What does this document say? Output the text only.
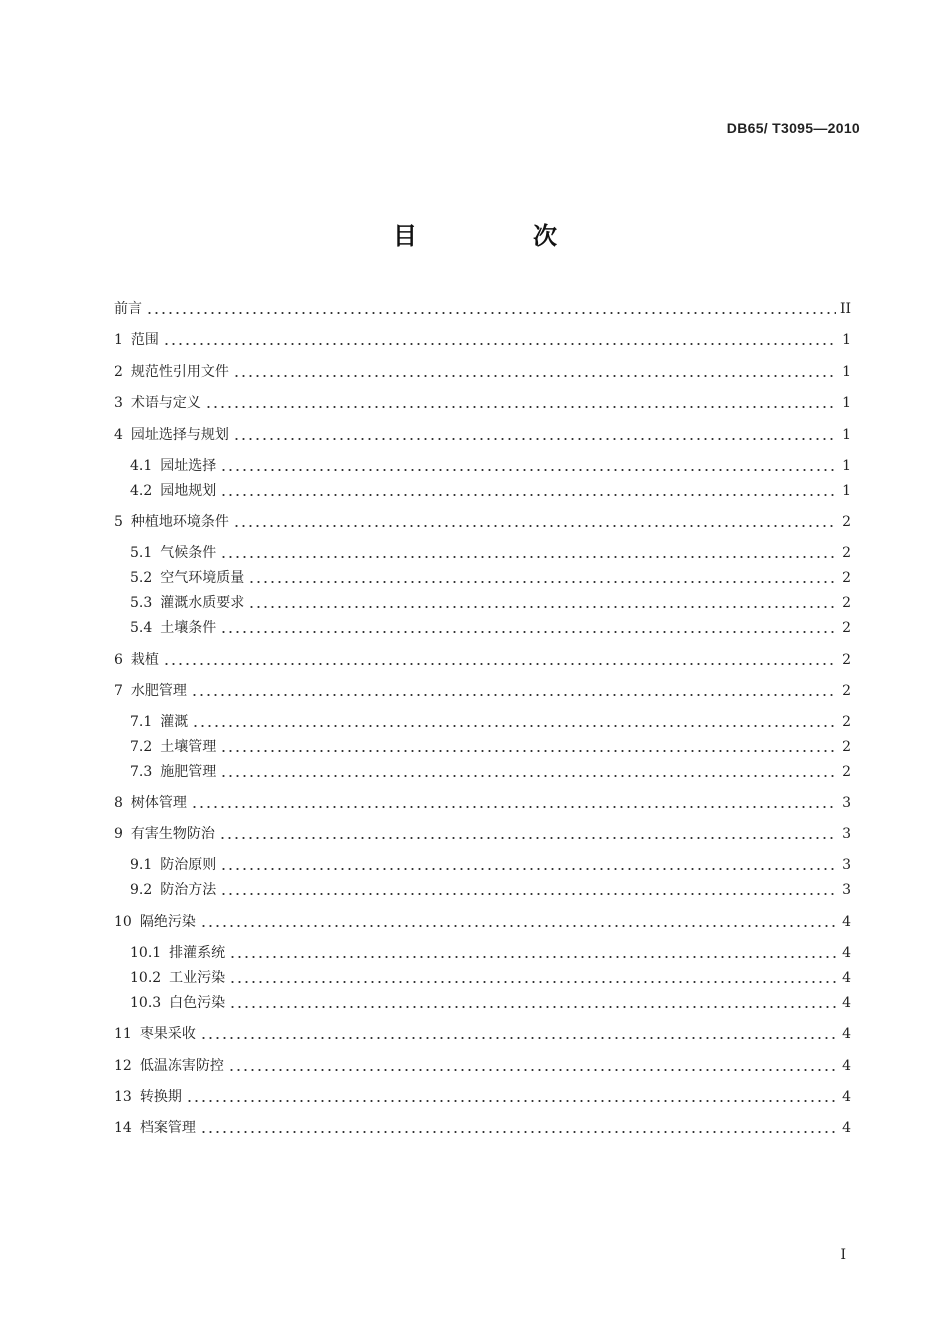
DB65/ T3095—2010
目　次
前言	II
1 范围	1
2 规范性引用文件	1
3 术语与定义	1
4 园址选择与规划	1
4.1 园址选择	1
4.2 园地规划	1
5 种植地环境条件	2
5.1 气候条件	2
5.2 空气环境质量	2
5.3 灌溉水质要求	2
5.4 土壤条件	2
6 栽植	2
7 水肥管理	2
7.1 灌溉	2
7.2 土壤管理	2
7.3 施肥管理	2
8 树体管理	3
9 有害生物防治	3
9.1 防治原则	3
9.2 防治方法	3
10 隔绝污染	4
10.1 排灌系统	4
10.2 工业污染	4
10.3 白色污染	4
11 枣果采收	4
12 低温冻害防控	4
13 转换期	4
14 档案管理	4
I
